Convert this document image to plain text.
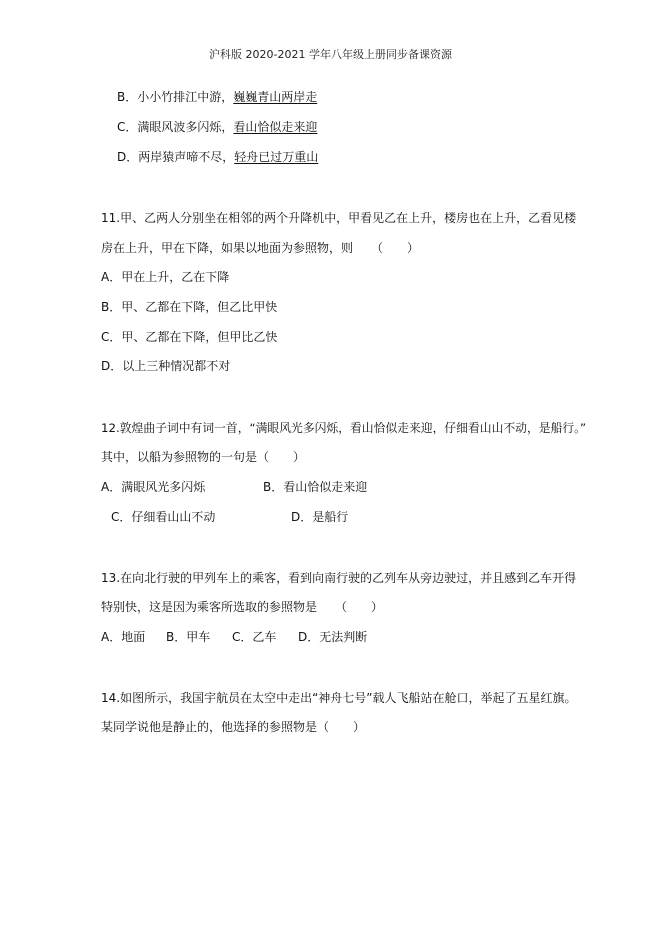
沪科版 2020-2021 学年八年级上册同步备课资源
B．小小竹排江中游，巍巍青山两岸走
C．满眼风波多闪烁，看山恰似走来迎
D．两岸猿声啼不尽，轻舟已过万重山
11.甲、乙两人分别坐在相邻的两个升降机中，甲看见乙在上升，楼房也在上升，乙看见楼
房在上升，甲在下降，如果以地面为参照物，则　　（　　）
A．甲在上升，乙在下降
B．甲、乙都在下降，但乙比甲快
C．甲、乙都在下降，但甲比乙快
D．以上三种情况都不对
12.敦煌曲子词中有词一首，“满眼风光多闪烁，看山恰似走来迎，仔细看山山不动，是船行。”
其中，以船为参照物的一句是（　　）
A．满眼风光多闪烁	B．看山恰似走来迎
C．仔细看山山不动	D．是船行
13.在向北行驶的甲列车上的乘客，看到向南行驶的乙列车从旁边驶过，并且感到乙车开得
特别快，这是因为乘客所选取的参照物是　　（　　）
A．地面 B．甲车 C．乙车 D．无法判断
14.如图所示，我国宇航员在太空中走出“神舟七号”载人飞船站在舱口，举起了五星红旗。
某同学说他是静止的，他选择的参照物是（　　）
